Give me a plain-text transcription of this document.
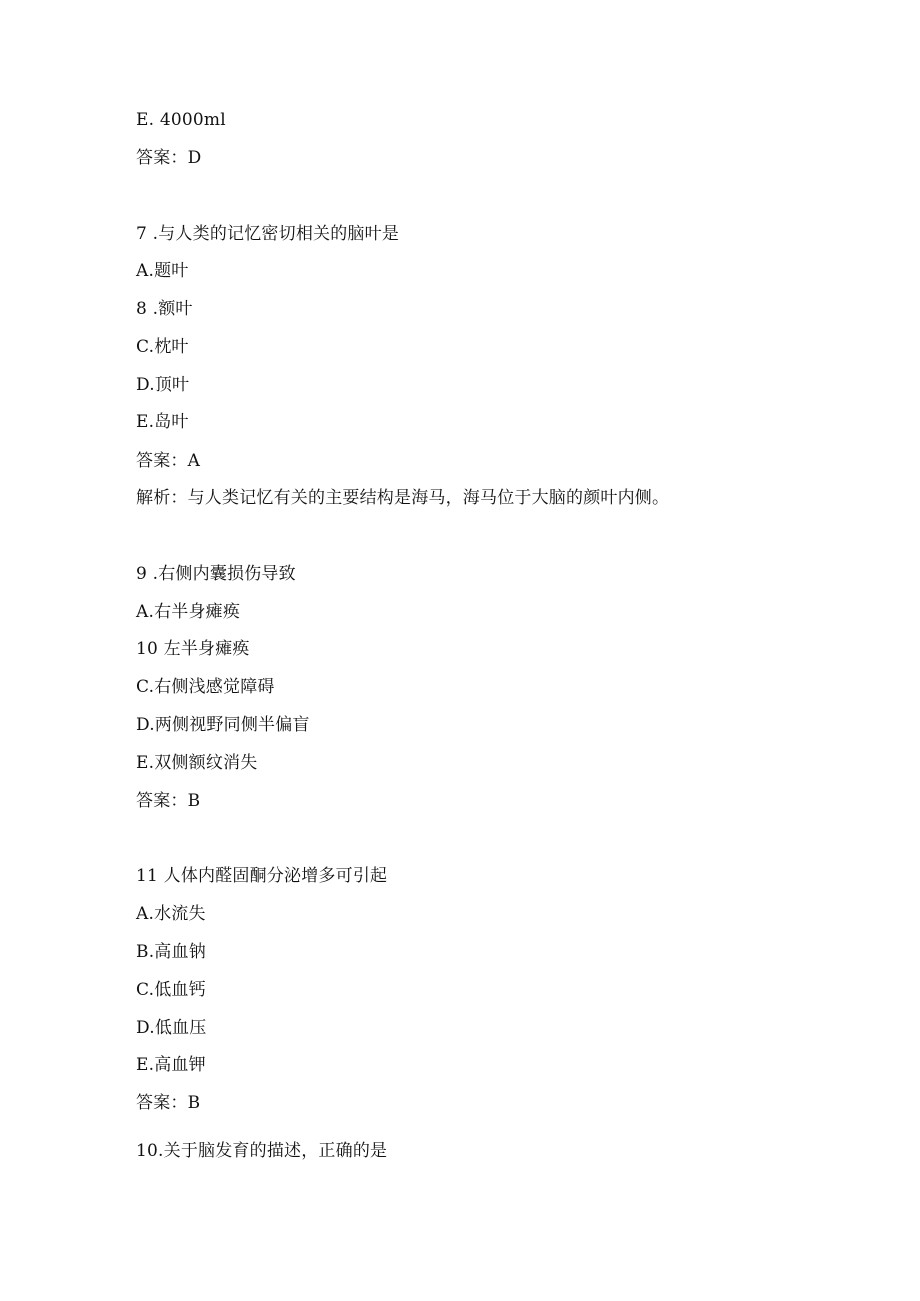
E. 4000ml
答案：D
7 .与人类的记忆密切相关的脑叶是
A.题叶
8 .额叶
C.枕叶
D.顶叶
E.岛叶
答案：A
解析：与人类记忆有关的主要结构是海马，海马位于大脑的颜叶内侧。
9 .右侧内囊损伤导致
A.右半身瘫痪
10 左半身瘫痪
C.右侧浅感觉障碍
D.两侧视野同侧半偏盲
E.双侧额纹消失
答案：B
11 人体内醛固酮分泌增多可引起
A.水流失
B.高血钠
C.低血钙
D.低血压
E.高血钾
答案：B
10.关于脑发育的描述，正确的是
